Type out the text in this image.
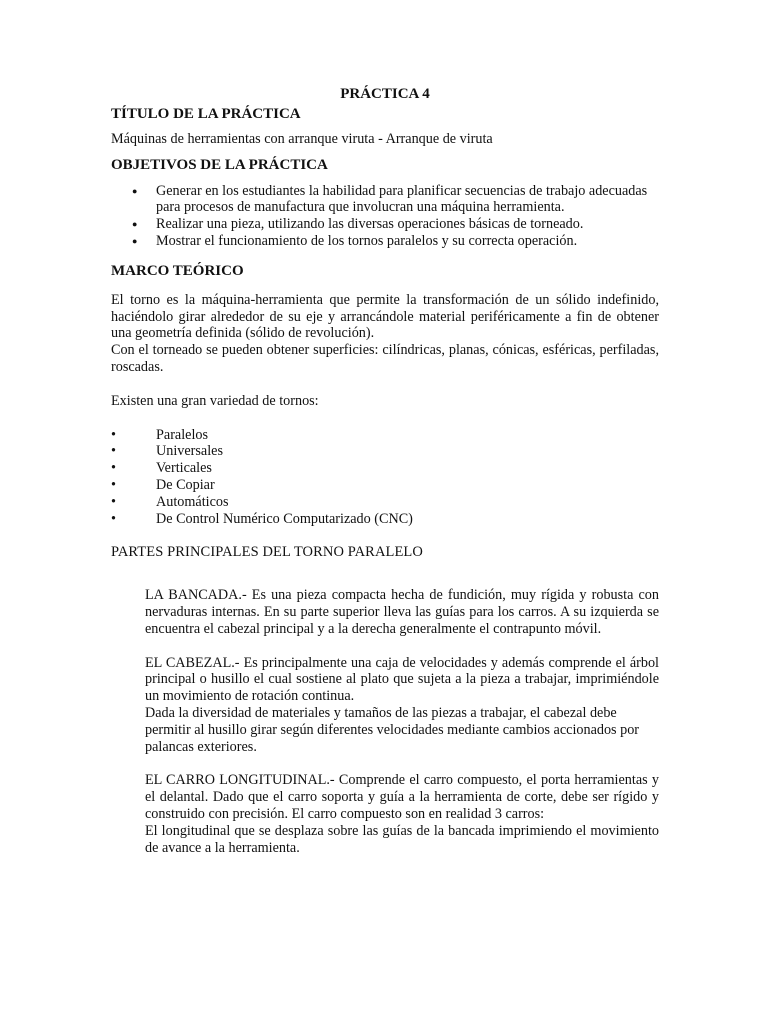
PRÁCTICA 4
TÍTULO DE LA PRÁCTICA

Máquinas de herramientas con arranque viruta - Arranque de viruta

OBJETIVOS DE LA PRÁCTICA
● Generar en los estudiantes la habilidad para planificar secuencias de trabajo adecuadas para procesos de manufactura que involucran una máquina herramienta.
● Realizar una pieza, utilizando las diversas operaciones básicas de torneado.
● Mostrar el funcionamiento de los tornos paralelos y su correcta operación.
MARCO TEÓRICO

El torno es la máquina-herramienta que permite la transformación de un sólido indefinido, haciéndolo girar alrededor de su eje y arrancándole material periféricamente a fin de obtener una geometría definida (sólido de revolución).

Con el torneado se pueden obtener superficies: cilíndricas, planas, cónicas, esféricas, perfiladas, roscadas.

Existen una gran variedad de tornos:

•	Paralelos
•	Universales
•	Verticales
•	De Copiar
•	Automáticos
•	De Control Numérico Computarizado (CNC)

PARTES PRINCIPALES DEL TORNO PARALELO

LA BANCADA.- Es una pieza compacta hecha de fundición, muy rígida y robusta con nervaduras internas. En su parte superior lleva las guías para los carros. A su izquierda se encuentra el cabezal principal y a la derecha generalmente el contrapunto móvil.

EL CABEZAL.- Es principalmente una caja de velocidades y además comprende el árbol principal o husillo el cual sostiene al plato que sujeta a la pieza a trabajar, imprimiéndole un movimiento de rotación continua.

Dada la diversidad de materiales y tamaños de las piezas a trabajar, el cabezal debe permitir al husillo girar según diferentes velocidades mediante cambios accionados por palancas exteriores.

EL CARRO LONGITUDINAL.- Comprende el carro compuesto, el porta herramientas y el delantal. Dado que el carro soporta y guía a la herramienta de corte, debe ser rígido y construido con precisión. El carro compuesto son en realidad 3 carros:

El longitudinal que se desplaza sobre las guías de la bancada imprimiendo el movimiento de avance a la herramienta.
